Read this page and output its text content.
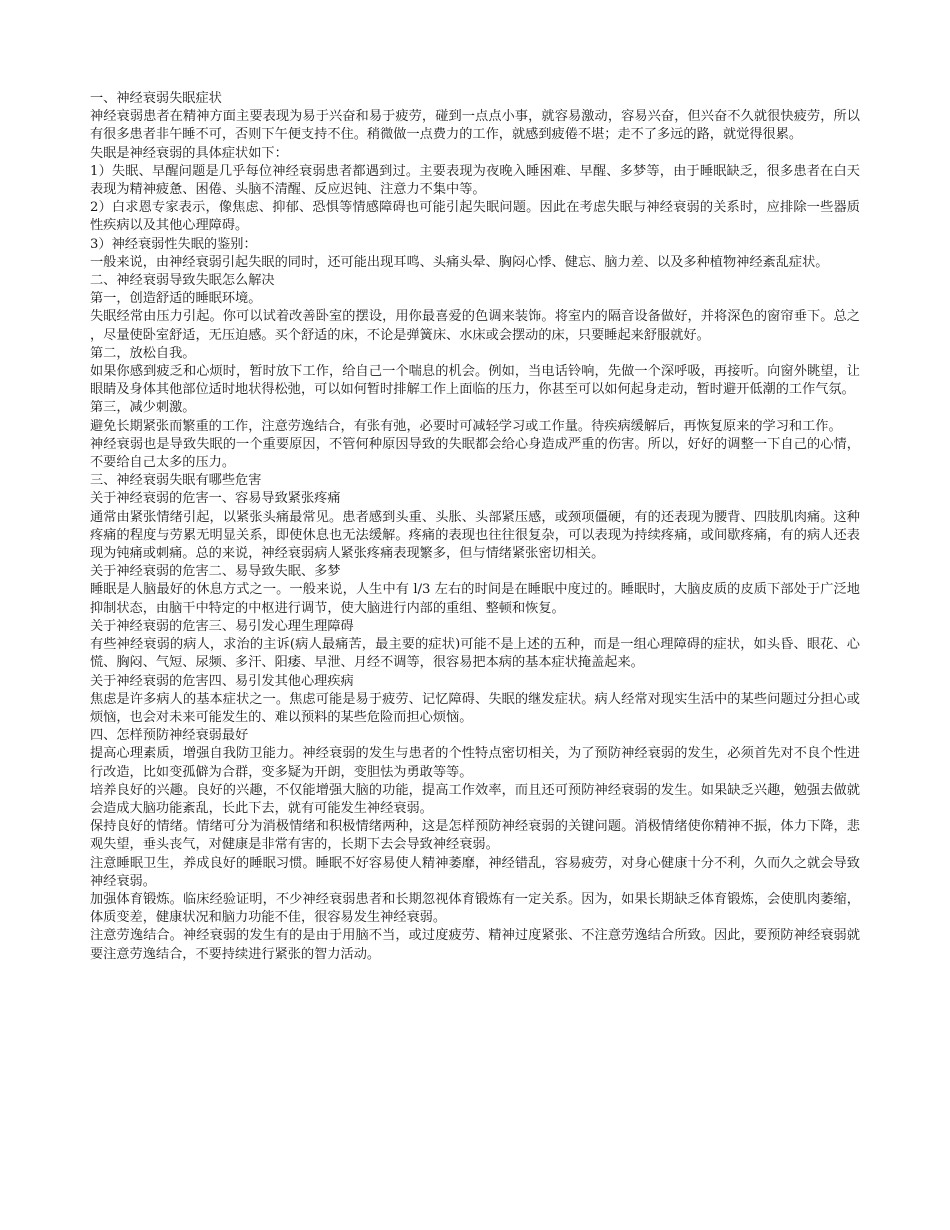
一、神经衰弱失眠症状

神经衰弱患者在精神方面主要表现为易于兴奋和易于疲劳，碰到一点点小事，就容易激动，容易兴奋，但兴奋不久就很快疲劳，所以有很多患者非午睡不可，否则下午便支持不住。稍微做一点费力的工作，就感到疲倦不堪；走不了多远的路，就觉得很累。

失眠是神经衰弱的具体症状如下：

1）失眠、早醒问题是几乎每位神经衰弱患者都遇到过。主要表现为夜晚入睡困难、早醒、多梦等，由于睡眠缺乏，很多患者在白天表现为精神疲惫、困倦、头脑不清醒、反应迟钝、注意力不集中等。

2）白求恩专家表示，像焦虑、抑郁、恐惧等情感障碍也可能引起失眠问题。因此在考虑失眠与神经衰弱的关系时，应排除一些器质性疾病以及其他心理障碍。

3）神经衰弱性失眠的鉴别：

一般来说，由神经衰弱引起失眠的同时，还可能出现耳鸣、头痛头晕、胸闷心悸、健忘、脑力差、以及多种植物神经紊乱症状。

二、神经衰弱导致失眠怎么解决

第一，创造舒适的睡眠环境。

失眠经常由压力引起。你可以试着改善卧室的摆设，用你最喜爱的色调来装饰。将室内的隔音设备做好，并将深色的窗帘垂下。总之，尽量使卧室舒适，无压迫感。买个舒适的床，不论是弹簧床、水床或会摆动的床，只要睡起来舒服就好。

第二，放松自我。

如果你感到疲乏和心烦时，暂时放下工作，给自己一个喘息的机会。例如，当电话铃响，先做一个深呼吸，再接听。向窗外眺望，让眼睛及身体其他部位适时地状得松弛，可以如何暂时排解工作上面临的压力，你甚至可以如何起身走动，暂时避开低潮的工作气氛。

第三，减少刺激。

避免长期紧张而繁重的工作，注意劳逸结合，有张有弛，必要时可减轻学习或工作量。待疾病缓解后，再恢复原来的学习和工作。

神经衰弱也是导致失眠的一个重要原因，不管何种原因导致的失眠都会给心身造成严重的伤害。所以，好好的调整一下自己的心情，不要给自己太多的压力。

三、神经衰弱失眠有哪些危害

关于神经衰弱的危害一、容易导致紧张疼痛

通常由紧张情绪引起，以紧张头痛最常见。患者感到头重、头胀、头部紧压感，或颈项僵硬，有的还表现为腰背、四肢肌肉痛。这种疼痛的程度与劳累无明显关系，即使休息也无法缓解。疼痛的表现也往往很复杂，可以表现为持续疼痛，或间歇疼痛，有的病人还表现为钝痛或刺痛。总的来说，神经衰弱病人紧张疼痛表现繁多，但与情绪紧张密切相关。

关于神经衰弱的危害二、易导致失眠、多梦

睡眠是人脑最好的休息方式之一。一般来说，人生中有 l/3 左右的时间是在睡眠中度过的。睡眠时，大脑皮质的皮质下部处于广泛地抑制状态，由脑干中特定的中枢进行调节，使大脑进行内部的重组、整顿和恢复。

关于神经衰弱的危害三、易引发心理生理障碍

有些神经衰弱的病人，求治的主诉(病人最痛苦，最主要的症状)可能不是上述的五种，而是一组心理障碍的症状，如头昏、眼花、心慌、胸闷、气短、尿频、多汗、阳痿、早泄、月经不调等，很容易把本病的基本症状掩盖起来。

关于神经衰弱的危害四、易引发其他心理疾病

焦虑是许多病人的基本症状之一。焦虑可能是易于疲劳、记忆障碍、失眠的继发症状。病人经常对现实生活中的某些问题过分担心或烦恼，也会对未来可能发生的、难以预料的某些危险而担心烦恼。

四、怎样预防神经衰弱最好

提高心理素质，增强自我防卫能力。神经衰弱的发生与患者的个性特点密切相关，为了预防神经衰弱的发生，必须首先对不良个性进行改造，比如变孤僻为合群，变多疑为开朗，变胆怯为勇敢等等。

培养良好的兴趣。良好的兴趣，不仅能增强大脑的功能，提高工作效率，而且还可预防神经衰弱的发生。如果缺乏兴趣，勉强去做就会造成大脑功能紊乱，长此下去，就有可能发生神经衰弱。

保持良好的情绪。情绪可分为消极情绪和积极情绪两种，这是怎样预防神经衰弱的关键问题。消极情绪使你精神不振，体力下降，悲观失望，垂头丧气，对健康是非常有害的，长期下去会导致神经衰弱。

注意睡眠卫生，养成良好的睡眠习惯。睡眠不好容易使人精神萎靡，神经错乱，容易疲劳，对身心健康十分不利，久而久之就会导致神经衰弱。

加强体育锻炼。临床经验证明，不少神经衰弱患者和长期忽视体育锻炼有一定关系。因为，如果长期缺乏体育锻炼，会使肌肉萎缩，体质变差，健康状况和脑力功能不佳，很容易发生神经衰弱。

注意劳逸结合。神经衰弱的发生有的是由于用脑不当，或过度疲劳、精神过度紧张、不注意劳逸结合所致。因此，要预防神经衰弱就要注意劳逸结合，不要持续进行紧张的智力活动。
